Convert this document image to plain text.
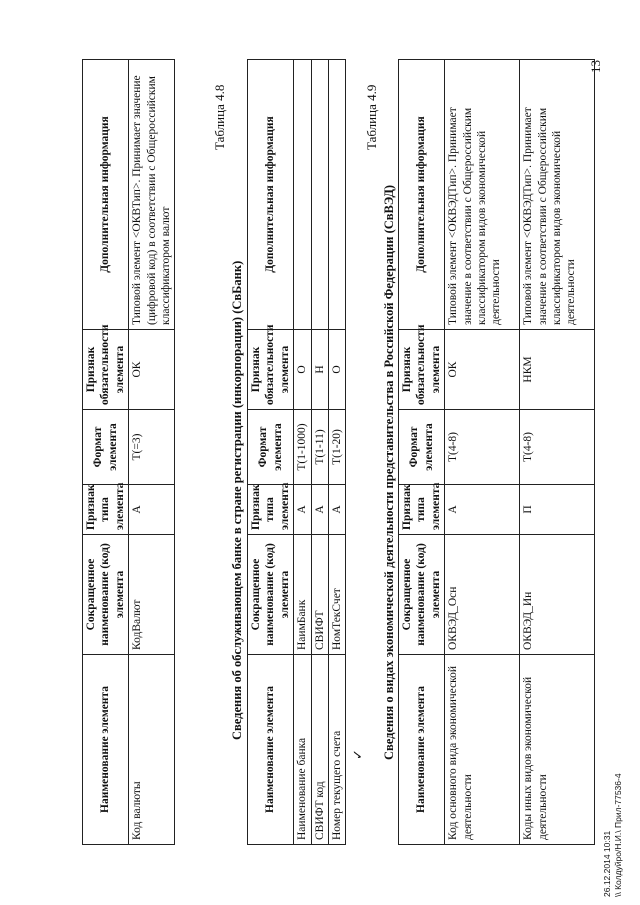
13
Наименование элемента	Сокращенное наименование (код) элемента	Признак типа элемента	Формат элемента	Признак обязательности элемента	Дополнительная информация
Код валюты	КодВалют	А	T(=3)	ОК	Типовой элемент <ОКВТип>. Принимает значение (цифровой код) в соответствии с Общероссийским классификатором валют
Таблица 4.8
Сведения об обслуживающем банке в стране регистрации (инкорпорации) (СвБанк)
Наименование элемента	Сокращенное наименование (код) элемента	Признак типа элемента	Формат элемента	Признак обязательности элемента	Дополнительная информация
Наименование банка	НаимБанк	А	T(1-1000)	О	
СВИФТ код	СВИФТ	А	T(1-11)	Н	
Номер текущего счета	НомТекСчет	А	T(1-20)	О	
✓
Таблица 4.9
Сведения о видах экономической деятельности представительства в Российской Федерации (СвВЭД) Наименование элемента	Сокращенное наименование (код) элемента	Признак типа элемента	Формат элемента	Признак обязательности элемента	Дополнительная информация
Код основного вида экономической деятельности	ОКВЭД_Осн	А	T(4-8)	ОК	Типовой элемент <ОКВЭДТип>. Принимает значение в соответствии с Общероссийским классификатором видов экономической деятельности
Коды иных видов экономической деятельности	ОКВЭД_Ин	П	T(4-8)	НКМ	Типовой элемент <ОКВЭДТип>. Принимает значение в соответствии с Общероссийским классификатором видов экономической деятельности
26.12.2014 10:31 \\ Колдуйро/Н.И.\ Прил-77536-4
